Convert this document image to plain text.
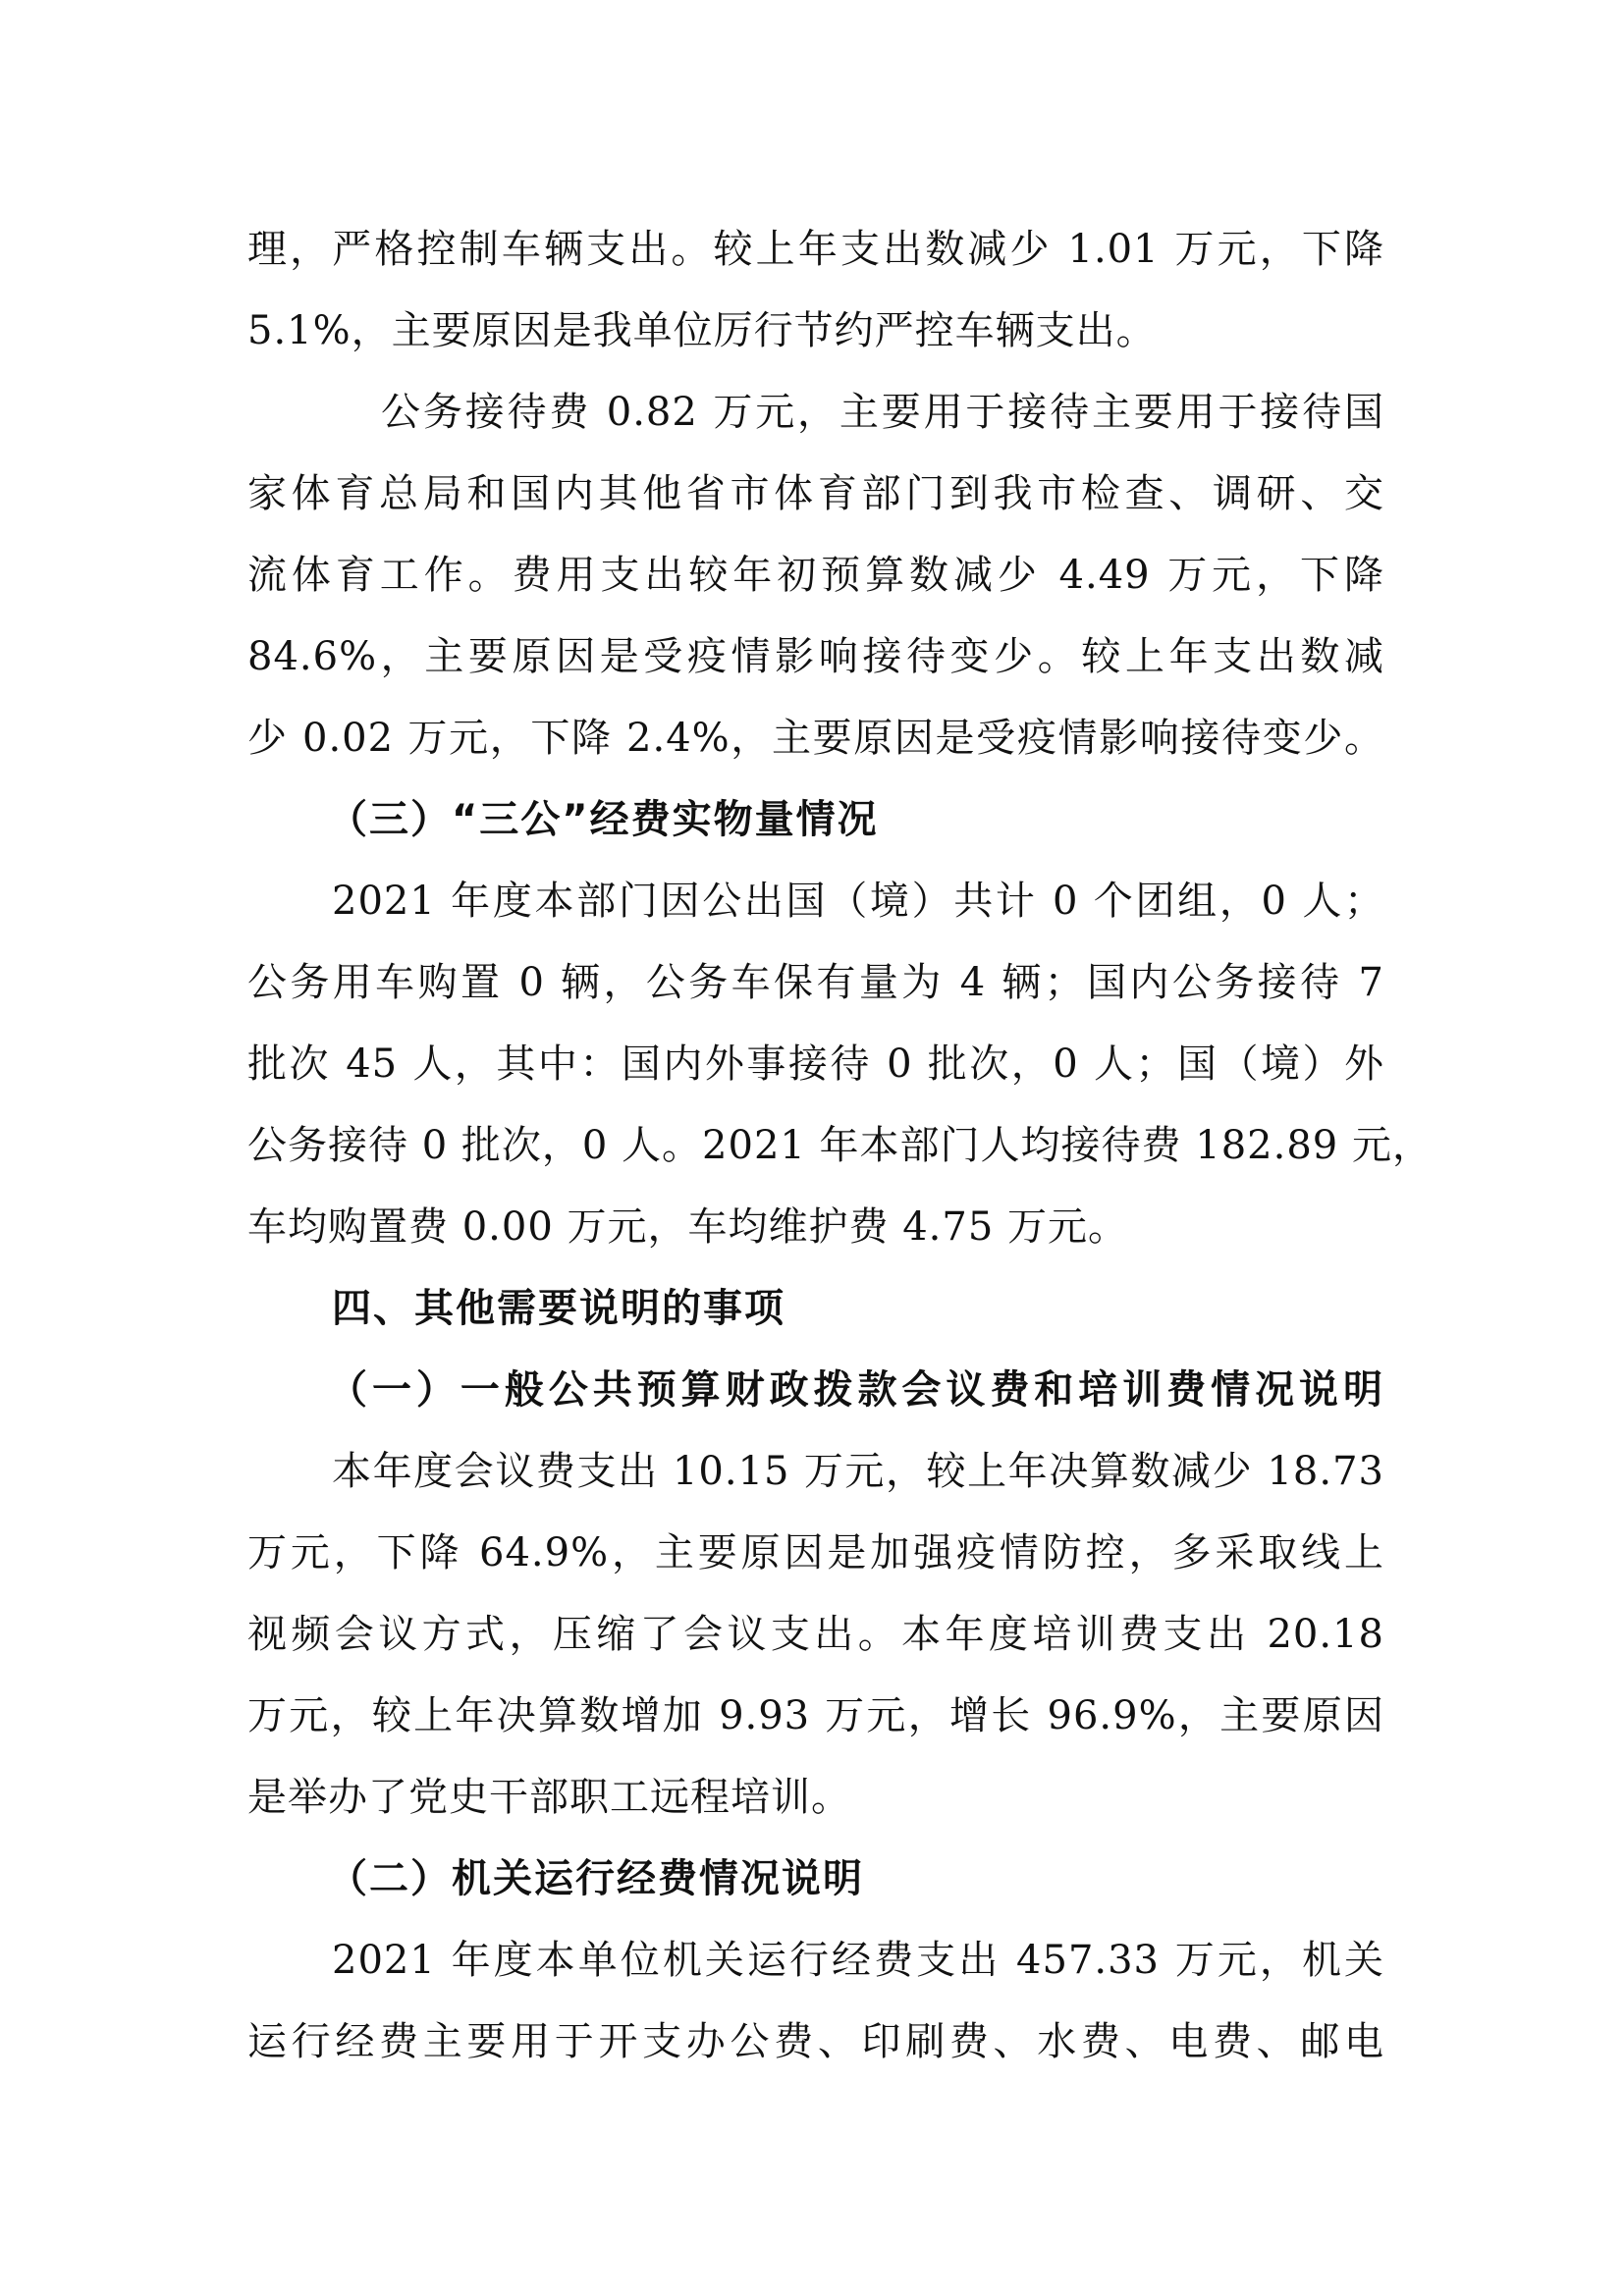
理，严格控制车辆支出。较上年支出数减少 1.01 万元，下降
5.1%，主要原因是我单位厉行节约严控车辆支出。
公务接待费 0.82 万元，主要用于接待主要用于接待国
家体育总局和国内其他省市体育部门到我市检查、调研、交
流体育工作。费用支出较年初预算数减少 4.49 万元，下降
84.6%，主要原因是受疫情影响接待变少。较上年支出数减
少 0.02 万元，下降 2.4%，主要原因是受疫情影响接待变少。
（三）“三公”经费实物量情况
2021 年度本部门因公出国（境）共计 0 个团组，0 人；
公务用车购置 0 辆，公务车保有量为 4 辆；国内公务接待 7
批次 45 人，其中：国内外事接待 0 批次，0 人；国（境）外
公务接待 0 批次，0 人。2021 年本部门人均接待费 182.89 元，
车均购置费 0.00 万元，车均维护费 4.75 万元。
四、其他需要说明的事项
（一）一般公共预算财政拨款会议费和培训费情况说明
本年度会议费支出 10.15 万元，较上年决算数减少 18.73
万元，下降 64.9%，主要原因是加强疫情防控，多采取线上
视频会议方式，压缩了会议支出。本年度培训费支出 20.18
万元，较上年决算数增加 9.93 万元，增长 96.9%，主要原因
是举办了党史干部职工远程培训。
（二）机关运行经费情况说明
2021 年度本单位机关运行经费支出 457.33 万元，机关
运行经费主要用于开支办公费、印刷费、水费、电费、邮电
